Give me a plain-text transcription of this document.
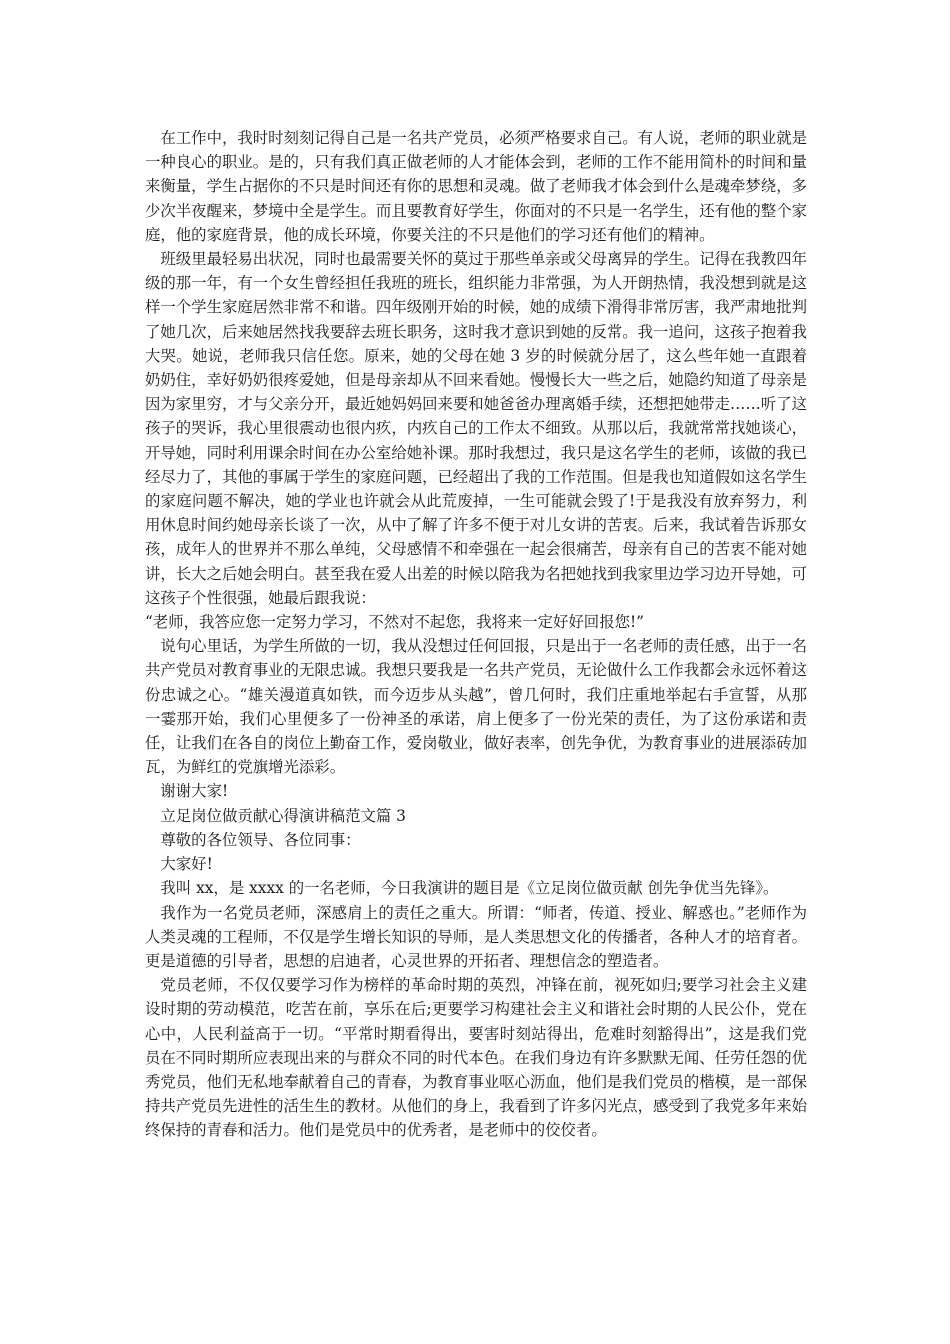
在工作中，我时时刻刻记得自己是一名共产党员，必须严格要求自己。有人说，老师的职业就是一种良心的职业。是的，只有我们真正做老师的人才能体会到，老师的工作不能用简朴的时间和量来衡量，学生占据你的不只是时间还有你的思想和灵魂。做了老师我才体会到什么是魂牵梦绕，多少次半夜醒来，梦境中全是学生。而且要教育好学生，你面对的不只是一名学生，还有他的整个家庭，他的家庭背景，他的成长环境，你要关注的不只是他们的学习还有他们的精神。

班级里最轻易出状况，同时也最需要关怀的莫过于那些单亲或父母离异的学生。记得在我教四年级的那一年，有一个女生曾经担任我班的班长，组织能力非常强，为人开朗热情，我没想到就是这样一个学生家庭居然非常不和谐。四年级刚开始的时候，她的成绩下滑得非常厉害，我严肃地批判了她几次，后来她居然找我要辞去班长职务，这时我才意识到她的反常。我一追问，这孩子抱着我大哭。她说，老师我只信任您。原来，她的父母在她 3 岁的时候就分居了，这么些年她一直跟着奶奶住，幸好奶奶很疼爱她，但是母亲却从不回来看她。慢慢长大一些之后，她隐约知道了母亲是因为家里穷，才与父亲分开，最近她妈妈回来要和她爸爸办理离婚手续，还想把她带走……听了这孩子的哭诉，我心里很震动也很内疚，内疚自己的工作太不细致。从那以后，我就常常找她谈心，开导她，同时利用课余时间在办公室给她补课。那时我想过，我只是这名学生的老师，该做的我已经尽力了，其他的事属于学生的家庭问题，已经超出了我的工作范围。但是我也知道假如这名学生的家庭问题不解决，她的学业也许就会从此荒废掉，一生可能就会毁了!于是我没有放弃努力，利用休息时间约她母亲长谈了一次，从中了解了许多不便于对儿女讲的苦衷。后来，我试着告诉那女孩，成年人的世界并不那么单纯，父母感情不和牵强在一起会很痛苦，母亲有自己的苦衷不能对她讲，长大之后她会明白。甚至我在爱人出差的时候以陪我为名把她找到我家里边学习边开导她，可这孩子个性很强，她最后跟我说：

“老师，我答应您一定努力学习，不然对不起您，我将来一定好好回报您!”

说句心里话，为学生所做的一切，我从没想过任何回报，只是出于一名老师的责任感，出于一名共产党员对教育事业的无限忠诚。我想只要我是一名共产党员，无论做什么工作我都会永远怀着这份忠诚之心。“雄关漫道真如铁，而今迈步从头越”，曾几何时，我们庄重地举起右手宣誓，从那一霎那开始，我们心里便多了一份神圣的承诺，肩上便多了一份光荣的责任，为了这份承诺和责任，让我们在各自的岗位上勤奋工作，爱岗敬业，做好表率，创先争优，为教育事业的进展添砖加瓦，为鲜红的党旗增光添彩。

谢谢大家!

立足岗位做贡献心得演讲稿范文篇 3

尊敬的各位领导、各位同事：

大家好!

我叫 xx，是 xxxx 的一名老师，今日我演讲的题目是《立足岗位做贡献 创先争优当先锋》。

我作为一名党员老师，深感肩上的责任之重大。所谓：“师者，传道、授业、解惑也。”老师作为人类灵魂的工程师，不仅是学生增长知识的导师，是人类思想文化的传播者，各种人才的培育者。更是道德的引导者，思想的启迪者，心灵世界的开拓者、理想信念的塑造者。

党员老师，不仅仅要学习作为榜样的革命时期的英烈，冲锋在前，视死如归;要学习社会主义建设时期的劳动模范，吃苦在前，享乐在后;更要学习构建社会主义和谐社会时期的人民公仆，党在心中，人民利益高于一切。“平常时期看得出，要害时刻站得出，危难时刻豁得出”，这是我们党员在不同时期所应表现出来的与群众不同的时代本色。在我们身边有许多默默无闻、任劳任怨的优秀党员，他们无私地奉献着自己的青春，为教育事业呕心沥血，他们是我们党员的楷模，是一部保持共产党员先进性的活生生的教材。从他们的身上，我看到了许多闪光点，感受到了我党多年来始终保持的青春和活力。他们是党员中的优秀者，是老师中的佼佼者。
